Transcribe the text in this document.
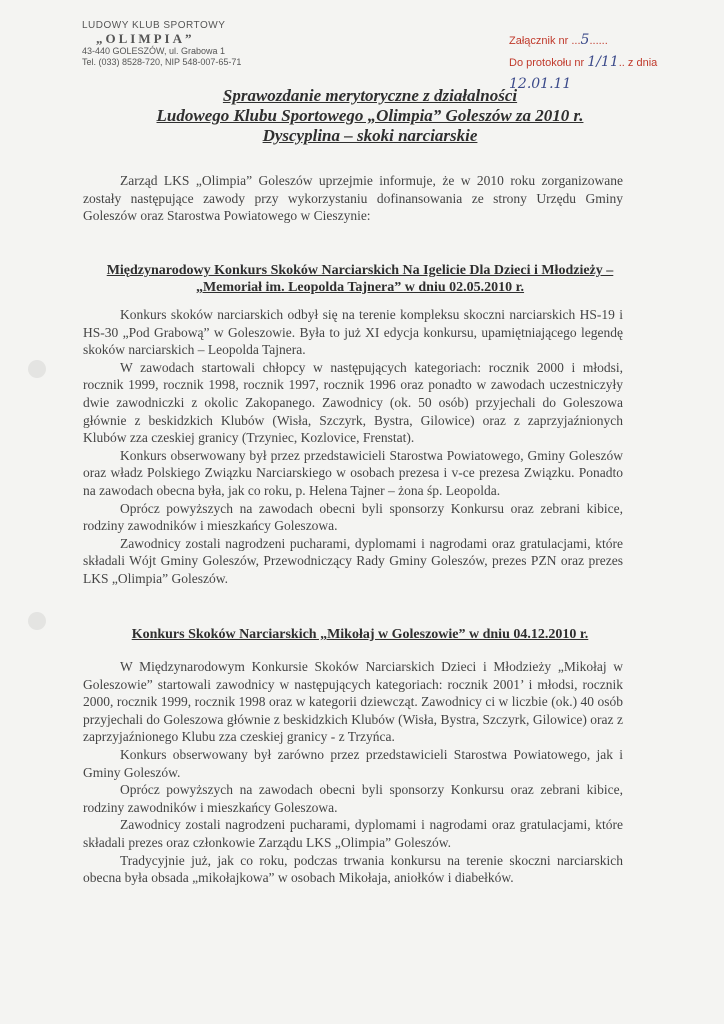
LUDOWY KLUB SPORTOWY
„OLIMPIA”
43-440 GOLESZÓW, ul. Grabowa 1
Tel. (033) 8528-720, NIP 548-007-65-71
Załącznik nr ...5......
Do protokołu nr 1/11.. z dnia 12.01.11
Sprawozdanie merytoryczne z działalności
Ludowego Klubu Sportowego „Olimpia” Goleszów za 2010 r.
Dyscyplina – skoki narciarskie

Zarząd LKS „Olimpia” Goleszów uprzejmie informuje, że w 2010 roku zorganizowane zostały następujące zawody przy wykorzystaniu dofinansowania ze strony Urzędu Gminy Goleszów oraz Starostwa Powiatowego w Cieszynie:

Międzynarodowy Konkurs Skoków Narciarskich Na Igelicie Dla Dzieci i Młodzieży –
„Memoriał im. Leopolda Tajnera” w dniu 02.05.2010 r.

Konkurs skoków narciarskich odbył się na terenie kompleksu skoczni narciarskich HS-19 i HS-30 „Pod Grabową” w Goleszowie. Była to już XI edycja konkursu, upamiętniającego legendę skoków narciarskich – Leopolda Tajnera.

W zawodach startowali chłopcy w następujących kategoriach: rocznik 2000 i młodsi, rocznik 1999, rocznik 1998, rocznik 1997, rocznik 1996 oraz ponadto w zawodach uczestniczyły dwie zawodniczki z okolic Zakopanego. Zawodnicy (ok. 50 osób) przyjechali do Goleszowa głównie z beskidzkich Klubów (Wisła, Szczyrk, Bystra, Gilowice) oraz z zaprzyjaźnionych Klubów zza czeskiej granicy (Trzyniec, Kozlovice, Frenstat).

Konkurs obserwowany był przez przedstawicieli Starostwa Powiatowego, Gminy Goleszów oraz władz Polskiego Związku Narciarskiego w osobach prezesa i v-ce prezesa Związku. Ponadto na zawodach obecna była, jak co roku, p. Helena Tajner – żona śp. Leopolda.

Oprócz powyższych na zawodach obecni byli sponsorzy Konkursu oraz zebrani kibice, rodziny zawodników i mieszkańcy Goleszowa.

Zawodnicy zostali nagrodzeni pucharami, dyplomami i nagrodami oraz gratulacjami, które składali Wójt Gminy Goleszów, Przewodniczący Rady Gminy Goleszów, prezes PZN oraz prezes LKS „Olimpia” Goleszów.

Konkurs Skoków Narciarskich „Mikołaj w Goleszowie” w dniu 04.12.2010 r.

W Międzynarodowym Konkursie Skoków Narciarskich Dzieci i Młodzieży „Mikołaj w Goleszowie” startowali zawodnicy w następujących kategoriach: rocznik 2001’ i młodsi, rocznik 2000, rocznik 1999, rocznik 1998 oraz w kategorii dziewcząt. Zawodnicy ci w liczbie (ok.) 40 osób przyjechali do Goleszowa głównie z beskidzkich Klubów (Wisła, Bystra, Szczyrk, Gilowice) oraz z zaprzyjaźnionego Klubu zza czeskiej granicy - z Trzyńca.

Konkurs obserwowany był zarówno przez przedstawicieli Starostwa Powiatowego, jak i Gminy Goleszów.

Oprócz powyższych na zawodach obecni byli sponsorzy Konkursu oraz zebrani kibice, rodziny zawodników i mieszkańcy Goleszowa.

Zawodnicy zostali nagrodzeni pucharami, dyplomami i nagrodami oraz gratulacjami, które składali prezes oraz członkowie Zarządu LKS „Olimpia” Goleszów.

Tradycyjnie już, jak co roku, podczas trwania konkursu na terenie skoczni narciarskich obecna była obsada „mikołajkowa” w osobach Mikołaja, aniołków i diabełków.
